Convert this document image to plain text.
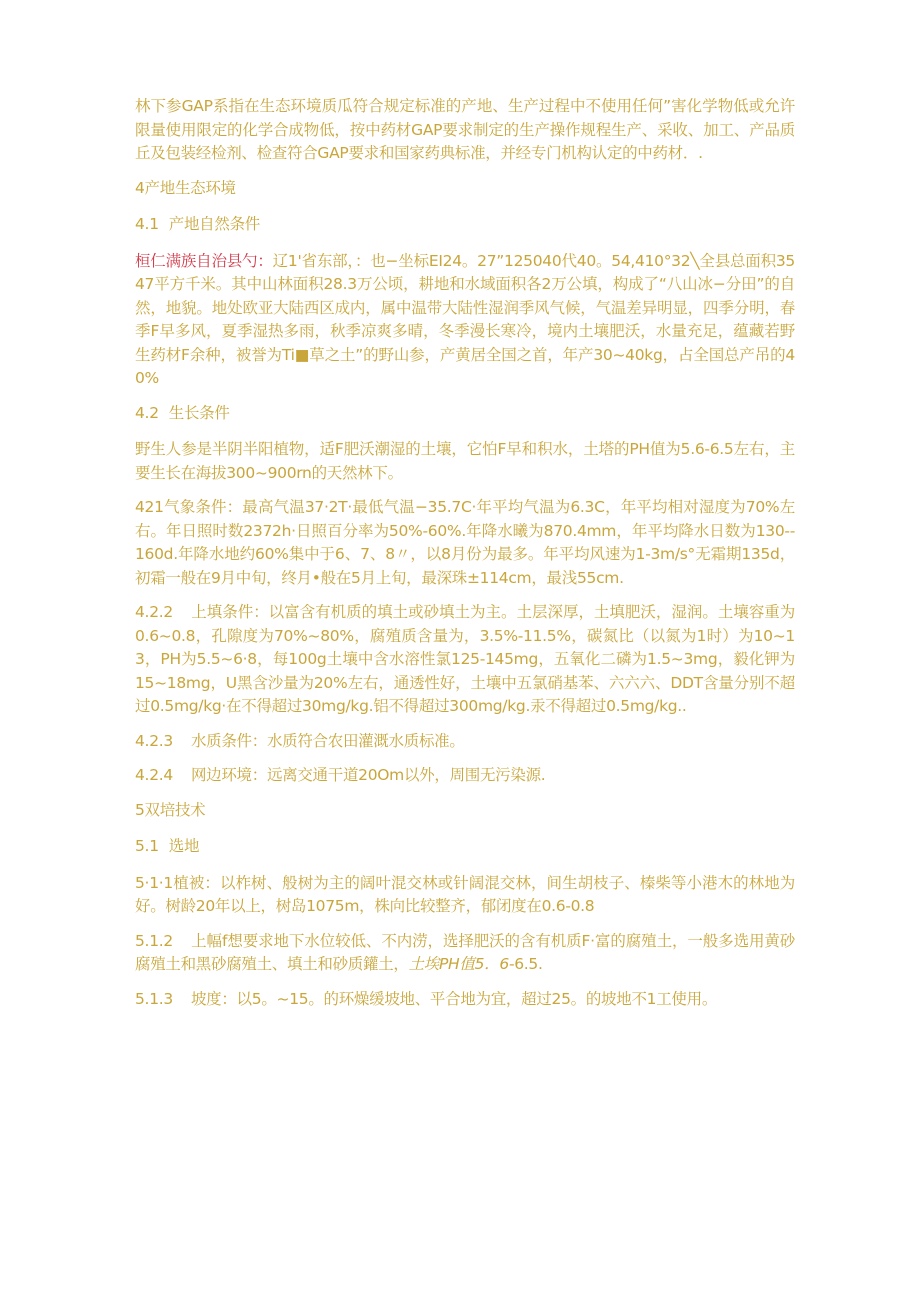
林下参GAP系指在生态环境质瓜符合规定标准的产地、生产过程中不使用任何”害化学物低或允许限量使用限定的化学合成物低，按中药材GAP要求制定的生产操作规程生产、采收、加工、产品质丘及包装经检剂、检查符合GAP要求和国家药典标准，并经专门机构认定的中药材．.

4产地生态环境

4.1 产地自然条件

桓仁满族自治县勺：辽1'省东部，：也−坐标EI24。27”125040代40。54,410°32╲全县总面积3547平方千米。其中山林面积28.3万公顷，耕地和水域面积各2万公填，构成了“八山冰−分田”的自然，地貌。地处欧亚大陆西区成内，属中温带大陆性湿润季风气候，气温差异明显，四季分明，春季F早多风，夏季湿热多雨，秋季凉爽多晴，冬季漫长寒冷，境内土壤肥沃，水量充足，蕴藏若野生药材F余种，被誉为Ti■草之土”的野山参，产黄居全国之首，年产30~40kg，占全国总产吊的40%

4.2 生长条件

野生人参是半阴半阳植物，适F肥沃潮湿的土壤，它怕F早和积水，土塔的PH值为5.6-6.5左右，主要生长在海拔300~900rn的天然林下。

421气象条件：最高气温37·2T·最低气温−35.7C·年平均气温为6.3C，年平均相对湿度为70%左右。年日照时数2372h·日照百分率为50%-60%.年降水曦为870.4mm，年平均降水日数为130--160d.年降水地约60%集中于6、7、8〃，以8月份为最多。年平均风速为1-3m∕s°无霜期135d，初霜一般在9月中旬，终月•般在5月上旬，最深珠±114cm，最浅55cm.

4.2.2 上填条件：以富含有机质的填土或砂填土为主。土层深厚，土填肥沃，湿润。土壤容重为0.6~0.8，孔隙度为70%~80%，腐殖质含量为，3.5%-11.5%，碳氮比（以氮为1时）为10~13，PH为5.5~6·8，每100g土壤中含水溶性氯125-145mg，五氧化二磷为1.5~3mg，毅化钾为15~18mg，U黑含沙量为20%左右，通透性好，土壤中五氯硝基苯、六六六、DDT含量分别不超过0.5mg∕kg·在不得超过30mg∕kg.铝不得超过300mg∕kg.汞不得超过0.5mg∕kg..

4.2.3 水质条件：水质符合农田灌溉水质标准。

4.2.4 网边环境：远离交通干道20Om以外，周围无污染源.

5双培技术

5.1 选地

5·1·1植被：以柞树、般树为主的阔叶混交林或针阔混交林，间生胡枝子、榛柴等小港木的林地为好。树龄20年以上，树岛1075m，株向比较整齐，郁闭度在0.6-0.8

5.1.2 上幅f想要求地下水位较低、不内涝，选择肥沃的含有机质F·富的腐殖土，一般多选用黄砂腐殖土和黑砂腐殖土、填土和砂质鑵土，土埃PH值5．6-6.5.

5.1.3 坡度：以5。~15。的环燥缓坡地、平合地为宜，超过25。的坡地不1工使用。
